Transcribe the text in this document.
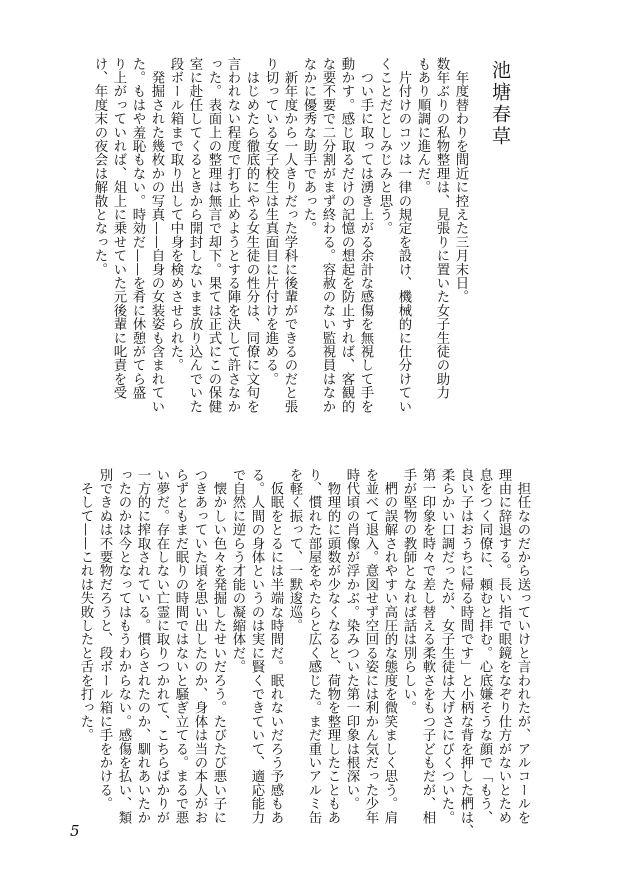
池塘春草
　年度替わりを間近に控えた三月末日。
数年ぶりの私物整理は、見張りに置いた女子生徒の助力
もあり順調に進んだ。
　片付けのコツは一律の規定を設け、機械的に仕分けてい
くことだとしみじみと思う。
　つい手に取っては湧き上がる余計な感傷を無視して手を
動かす。感じ取るだけの記憶の想起を防止すれば、客観的
な要不要で二分割がまず終わる。容赦のない監視員はなか
なかに優秀な助手であった。
　新年度から一人きりだった学科に後輩ができるのだと張
り切っている女子校生は生真面目に片付けを進める。
　はじめたら徹底的にやる女生徒の性分は、同僚に文句を
言われない程度で打ち止めようとする陣を決して許さなか
った。表面上の整理は無言で却下。果ては正式にこの保健
室に赴任してくるときから開封しないまま放り込んでいた
段ボール箱まで取り出して中身を検めさせられた。
　発掘された幾枚かの写真——自身の女装姿も含まれてい
た。もはや羞恥もない。時効だ——を肴に休憩がてら盛
り上がっていれば、俎上に乗せていた元後輩に叱責を受
け、年度末の夜会は解散となった。
　担任なのだから送っていけと言われたが、アルコールを
理由に辞退する。長い指で眼鏡をなぞり仕方がないとため
息をつく同僚に、頼むと拝む。心底嫌そうな顔で「もう、
良い子はおうちに帰る時間です」と小柄な背を押した椚は、
柔らかい口調だったが、女子生徒は大げさにびくついた。
第一印象を時々で差し替える柔軟さをもつ子どもだが、相
手が堅物の教師となれば話は別らしい。
　椚の誤解されやすい高圧的な態度を微笑ましく思う。肩
を並べて退入。意図せず空回る姿には利かん気だった少年
時代頃の肖像が浮かぶ。染みついた第一印象は根深い。
　物理的に頭数が少なくなると、荷物を整理したこともあ
り、慣れた部屋をやたらと広く感じた。まだ重いアルミ缶
を軽く振って、一默逡巡。
　仮眠をとるには半端な時間だ。眠れないだろう予感もあ
る。人間の身体というのは実に賢くできていて、適応能力
で自然に逆らう才能の凝縮体だ。
　懐かしい色々を発掘したせいだろう。たびたび悪い子に
つきあっていた頃を思い出したのか、身体は当の本人がお
らずともまだ眠りの時間ではないと騒ぎ立てる。まるで悪
い夢だ。存在しない亡霊に取りつかれて、こちらばかりが
一方的に搾取されている。慣らされたのか、馴れあいたか
ったのかは今となってはもうわからない。感傷を払い、類
別できぬは不要物だろうと、段ボール箱に手をかける。
　そして——これは失敗したと舌を打った。
5
